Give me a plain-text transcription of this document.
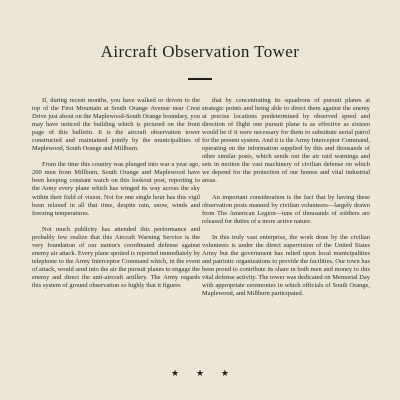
Aircraft Observation Tower

If, during recent months, you have walked or driven to the top of the First Mountain at South Orange Avenue near Crest Drive just about on the Maplewood-South Orange boundary, you may have noticed the building which is pictured on the front page of this bulletin. It is the aircraft observation tower constructed and maintained jointly by the municipalities of Maplewood, South Orange and Millburn.

From the time this country was plunged into war a year ago, 200 men from Millburn, South Orange and Maplewood have been keeping constant watch on this lookout post, reporting to the Army every plane which has winged its way across the sky within their field of vision. Not for one single hour has this vigil been relaxed in all that time, despite rain, snow, winds and freezing temperatures.

Not much publicity has attended this performance and probably few realize that this Aircraft Warning Service is the very foundation of our nation's coordinated defense against enemy air attack. Every plane spotted is reported immediately by telephone to the Army Interceptor Command which, in the event of attack, would send into the air the pursuit planes to engage the enemy and direct the anti-aircraft artillery. The Army regards this system of ground observation so highly that it figures

that by concentrating its squadrons of pursuit planes at strategic points and being able to direct them against the enemy at precise locations predetermined by observed speed and direction of flight one pursuit plane is as effective as sixteen would be if it were necessary for them to substitute aerial patrol for the present system. And it is the Army Interceptor Command, operating on the information supplied by this and thousands of other similar posts, which sends out the air raid warnings and sets in motion the vast machinery of civilian defense on which we depend for the protection of our homes and vital industrial areas.

An important consideration is the fact that by having these observation posts manned by civilian volunteers—largely drawn from The American Legion—tens of thousands of soldiers are released for duties of a more active nature.

In this truly vast enterprise, the work done by the civilian volunteers is under the direct supervision of the United States Army but the government has relied upon local municipalities and patriotic organizations to provide the facilities. Our town has been proud to contribute its share in both men and money to this vital defense activity. The tower was dedicated on Memorial Day with appropriate ceremonies in which officials of South Orange, Maplewood, and Millburn participated.

★ ★ ★
